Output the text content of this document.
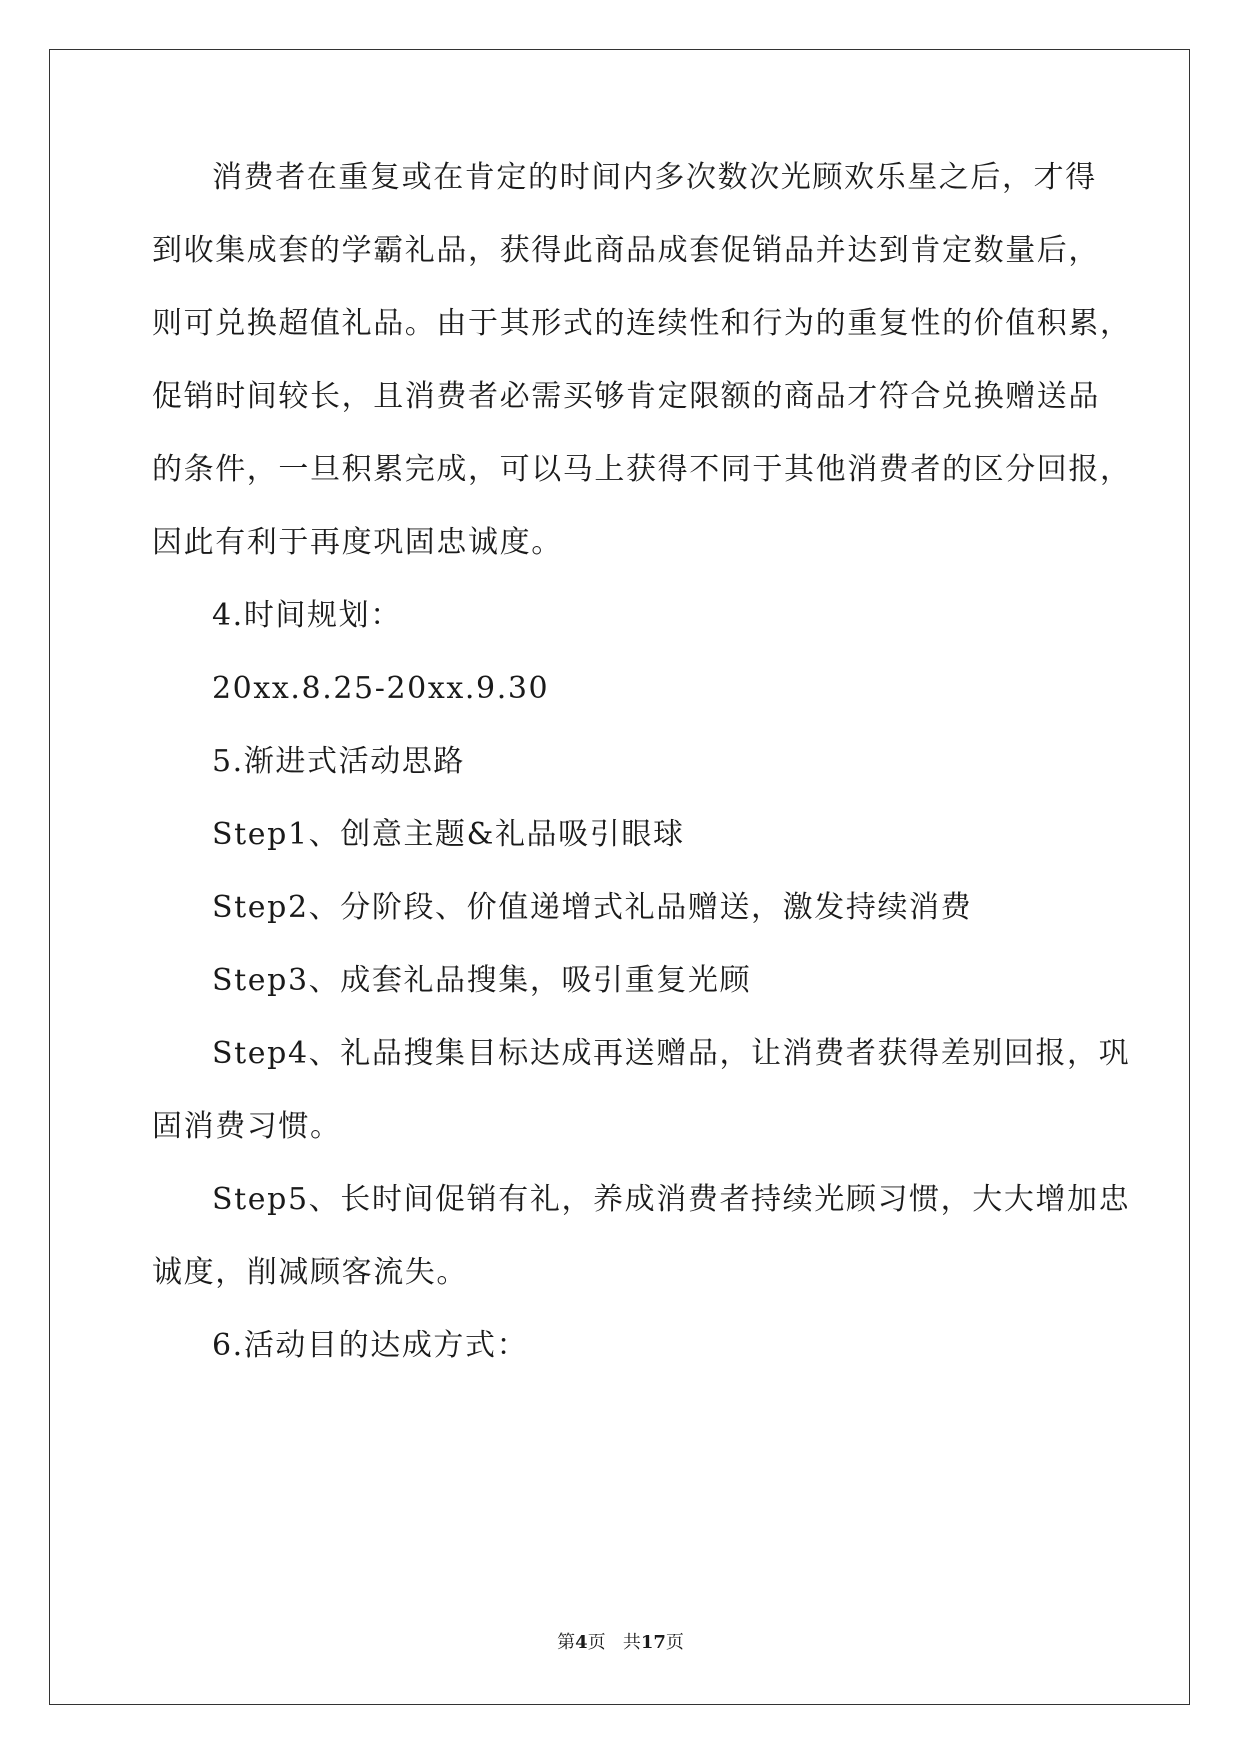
消费者在重复或在肯定的时间内多次数次光顾欢乐星之后，才得
到收集成套的学霸礼品，获得此商品成套促销品并达到肯定数量后，
则可兑换超值礼品。由于其形式的连续性和行为的重复性的价值积累，
促销时间较长，且消费者必需买够肯定限额的商品才符合兑换赠送品
的条件，一旦积累完成，可以马上获得不同于其他消费者的区分回报，
因此有利于再度巩固忠诚度。
4.时间规划：
20xx.8.25-20xx.9.30
5.渐进式活动思路
Step1、创意主题&礼品吸引眼球
Step2、分阶段、价值递增式礼品赠送，激发持续消费
Step3、成套礼品搜集，吸引重复光顾
Step4、礼品搜集目标达成再送赠品，让消费者获得差别回报，巩
固消费习惯。
Step5、长时间促销有礼，养成消费者持续光顾习惯，大大增加忠
诚度，削减顾客流失。
6.活动目的达成方式：
第4页 共17页
